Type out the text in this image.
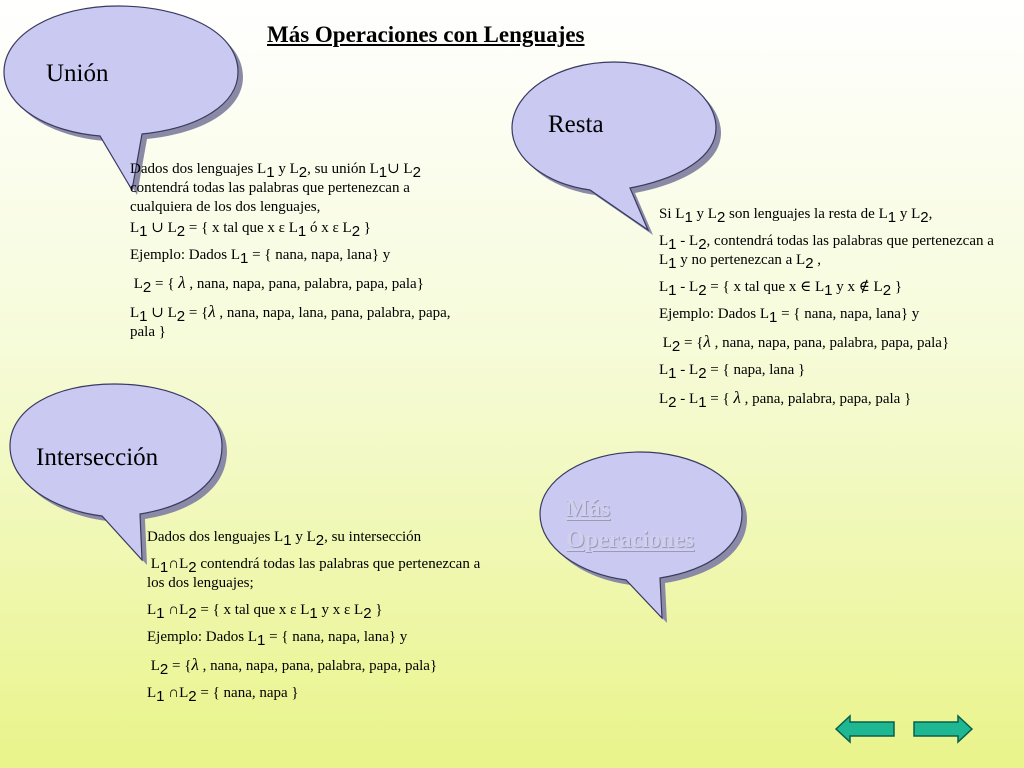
Unión
Resta
Intersección
Más Operaciones
Más Operaciones con Lenguajes

Dados dos lenguajes $L_1$ y $L_2$, su unión $L_1\cup$ $L_2$ contendrá todas las palabras que pertenezcan a cualquiera de los dos lenguajes,

$L_1$ ∪ $L_2$ = { x tal que x ε $L_1$ ó x ε $L_2$ }

Ejemplo: Dados $L_1$ = { nana, napa, lana} y

$L_2$ = { λ , nana, napa, pana, palabra, papa, pala}

$L_1$ ∪ $L_2 = \{\lambda$ , nana, napa, lana, pana, palabra, papa, pala }

Si $L_1$ y $L_2$ son lenguajes la resta de $L_1$ y $L_2$,

$L_1 - L_2$, contendrá todas las palabras que pertenezcan a $L_1$ y no pertenezcan a $L_2$ ,

$L_1 - L_2$ = { x tal que x ∈ $L_1$ y x ∉ $L_2$ }

Ejemplo: Dados $L_1$ = { nana, napa, lana} y

$L_2 = \{\lambda$ , nana, napa, pana, palabra, papa, pala}

$L_1 - L_2$ = { napa, lana }

$L_2 - L_1$ = { λ , pana, palabra, papa, pala }

Dados dos lenguajes $L_1$ y $L_2$, su intersección

$L_1\cap L_2$ contendrá todas las palabras que pertenezcan a los dos lenguajes;

$L_1$ $\cap L_2$ = { x tal que x ε $L_1$ y x ε $L_2$ }

Ejemplo: Dados $L_1$ = { nana, napa, lana} y

$L_2 = \{\lambda$ , nana, napa, pana, palabra, papa, pala}

$L_1$ $\cap L_2$ = { nana, napa }
